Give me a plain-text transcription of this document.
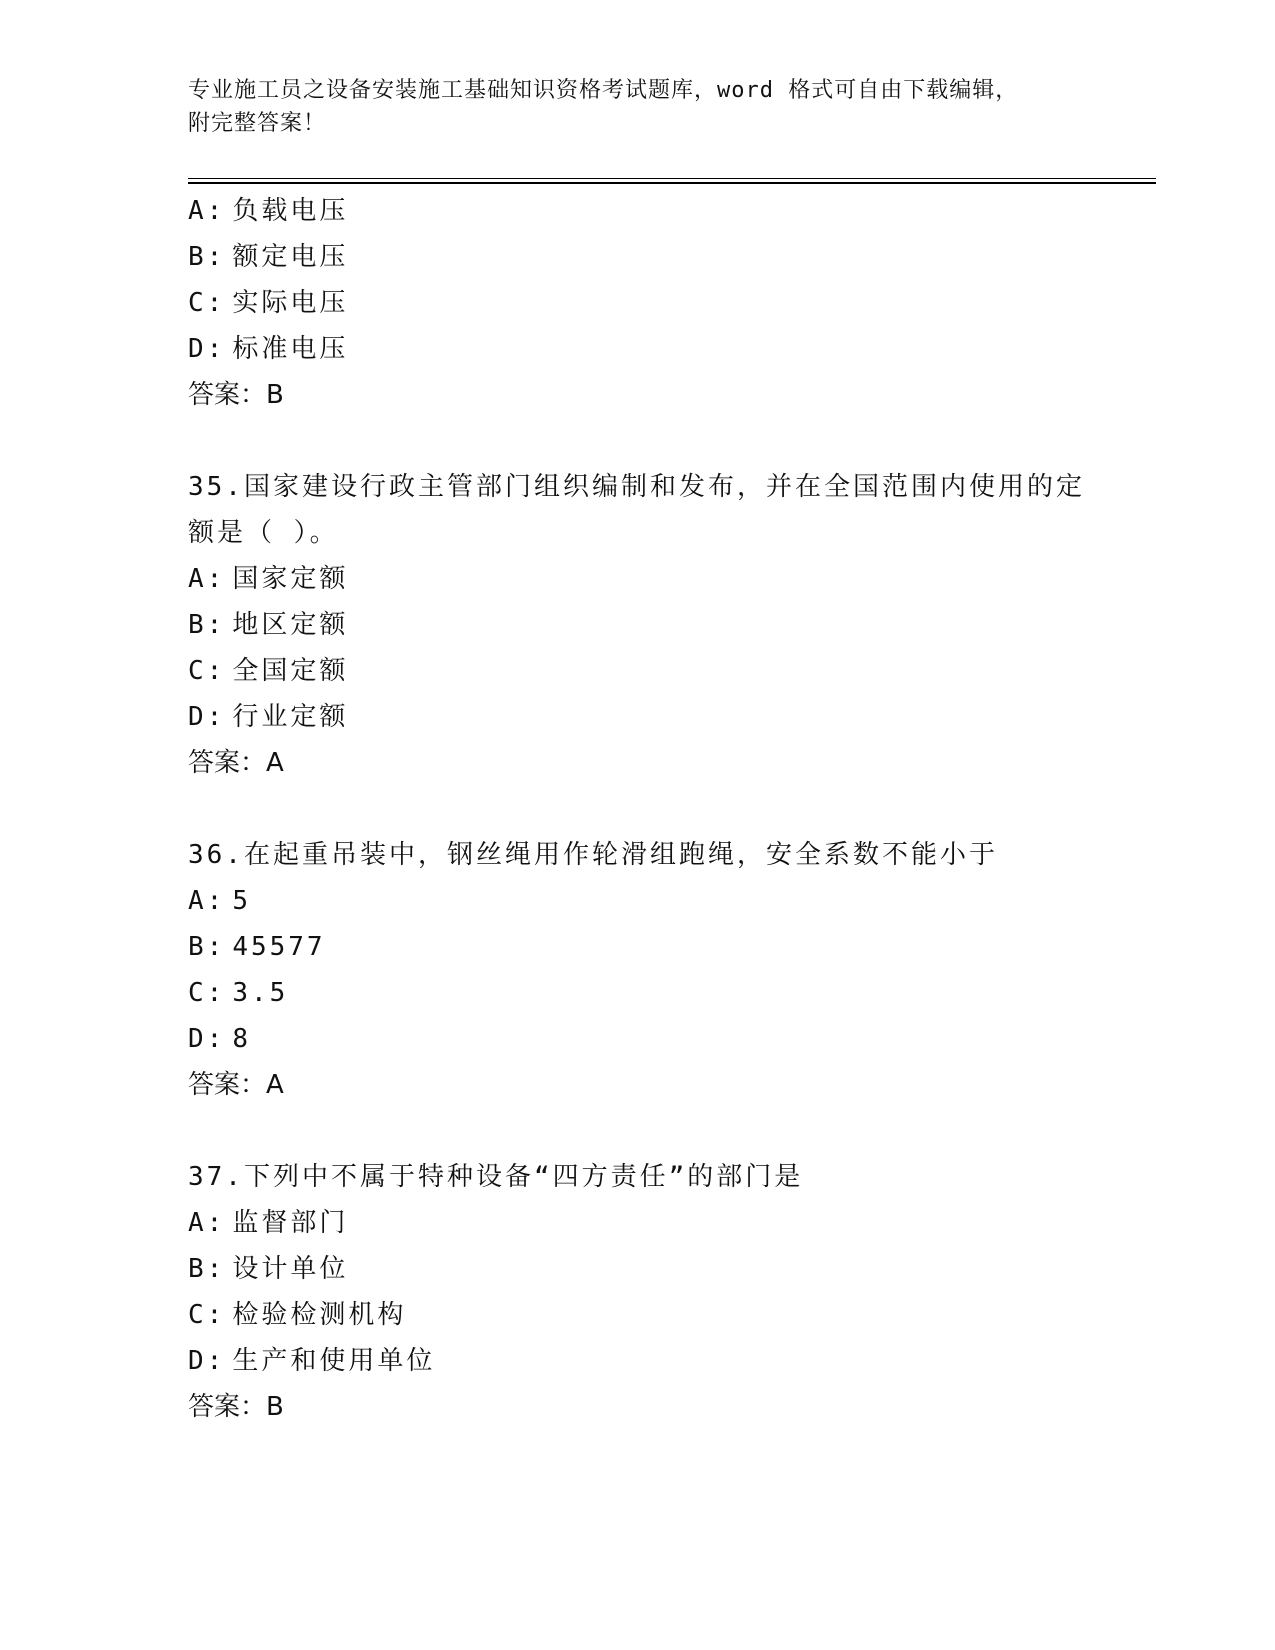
专业施工员之设备安装施工基础知识资格考试题库，word 格式可自由下载编辑，
附完整答案！
A: 负载电压
B: 额定电压
C: 实际电压
D: 标准电压
答案：B
35.国家建设行政主管部门组织编制和发布，并在全国范围内使用的定
额是（ ）。
A: 国家定额
B: 地区定额
C: 全国定额
D: 行业定额
答案：A
36.在起重吊装中，钢丝绳用作轮滑组跑绳，安全系数不能小于
A: 5
B: 45577
C: 3.5
D: 8
答案：A
37.下列中不属于特种设备“四方责任”的部门是
A: 监督部门
B: 设计单位
C: 检验检测机构
D: 生产和使用单位
答案：B
